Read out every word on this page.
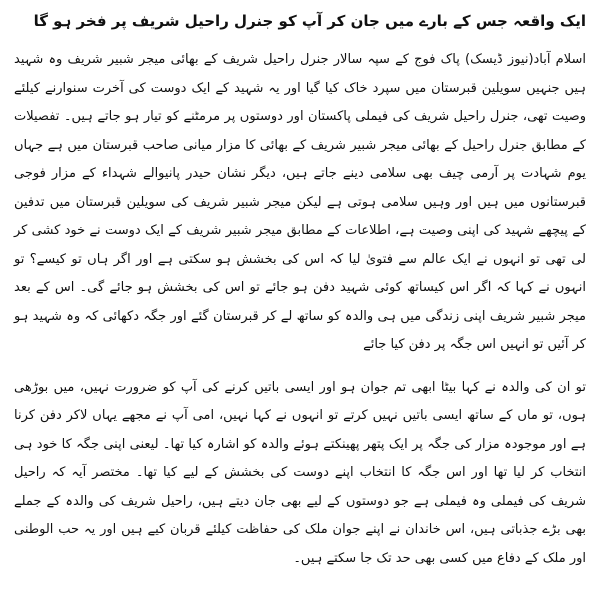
ایک واقعہ جس کے بارے میں جان کر آپ کو جنرل راحیل شریف پر فخر ہو گا

اسلام آباد(نیوز ڈیسک) پاک فوج کے سپہ سالار جنرل راحیل شریف کے بھائی میجر شبیر شریف وہ شہید ہیں جنہیں سویلین قبرستان میں سپرد خاک کیا گیا اور یہ شہید کے ایک دوست کی آخرت سنوارنے کیلئے وصیت تھی، جنرل راحیل شریف کی فیملی پاکستان اور دوستوں پر مرمٹنے کو تیار ہو جاتے ہیں۔ تفصیلات کے مطابق جنرل راحیل کے بھائی میجر شبیر شریف کے بھائی کا مزار میانی صاحب قبرستان میں ہے جہاں یوم شہادت پر آرمی چیف بھی سلامی دینے جاتے ہیں، دیگر نشان حیدر پانیوالے شہداء کے مزار فوجی قبرستانوں میں ہیں اور وہیں سلامی ہوتی ہے لیکن میجر شبیر شریف کی سویلین قبرستان میں تدفین کے پیچھے شہید کی اپنی وصیت ہے، اطلاعات کے مطابق میجر شبیر شریف کے ایک دوست نے خود کشی کر لی تھی تو انہوں نے ایک عالم سے فتویٰ لیا کہ اس کی بخشش ہو سکتی ہے اور اگر ہاں تو کیسے؟ تو انہوں نے کہا کہ اگر اس کیساتھ کوئی شہید دفن ہو جائے تو اس کی بخشش ہو جائے گی۔ اس کے بعد میجر شبیر شریف اپنی زندگی میں ہی والدہ کو ساتھ لے کر قبرستان گئے اور جگہ دکھائی کہ وہ شہید ہو کر آئیں تو انہیں اس جگہ پر دفن کیا جائے

تو ان کی والدہ نے کہا بیٹا ابھی تم جوان ہو اور ایسی باتیں کرنے کی آپ کو ضرورت نہیں، میں بوڑھی ہوں، تو ماں کے ساتھ ایسی باتیں نہیں کرتے تو انہوں نے کہا نہیں، امی آپ نے مجھے یہاں لاکر دفن کرنا ہے اور موجودہ مزار کی جگہ پر ایک پتھر پھینکتے ہوئے والدہ کو اشارہ کیا تھا۔ لیعنی اپنی جگہ کا خود ہی انتخاب کر لیا تھا اور اس جگہ کا انتخاب اپنے دوست کی بخشش کے لیے کیا تھا۔ مختصر آیہ کہ راحیل شریف کی فیملی وہ فیملی ہے جو دوستوں کے لیے بھی جان دیتے ہیں، راحیل شریف کی والدہ کے جملے بھی بڑے جذباتی ہیں، اس خاندان نے اپنے جوان ملک کی حفاظت کیلئے قربان کیے ہیں اور یہ حب الوطنی اور ملک کے دفاع میں کسی بھی حد تک جا سکتے ہیں۔
